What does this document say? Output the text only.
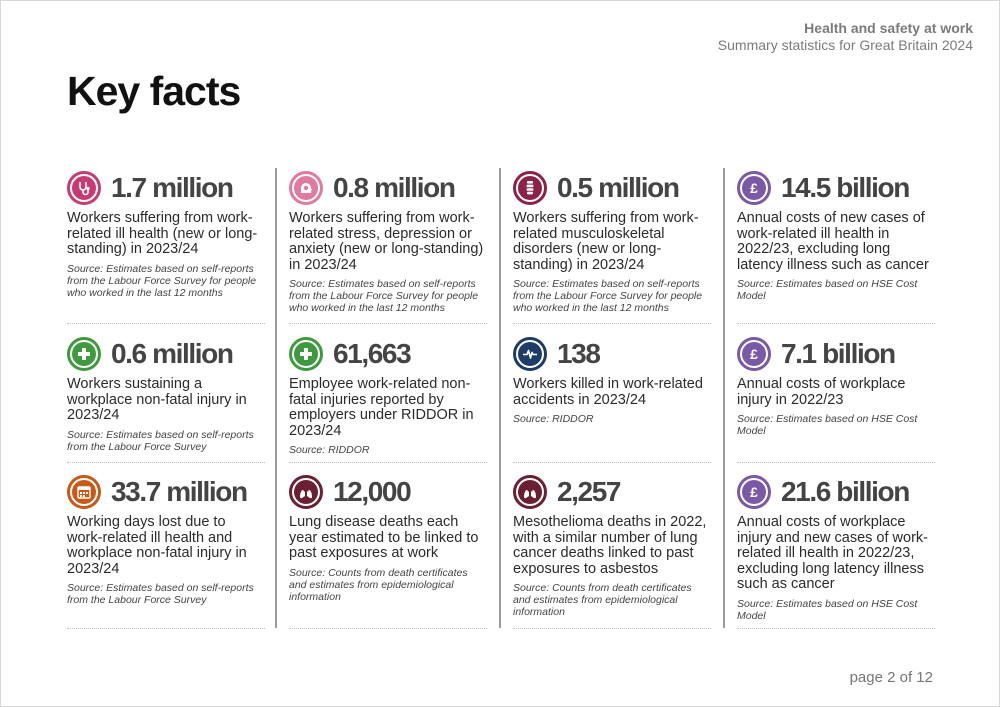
Health and safety at work
Summary statistics for Great Britain 2024
Key facts
1.7 million
Workers suffering from work-related ill health (new or long-standing) in 2023/24
Source: Estimates based on self-reports from the Labour Force Survey for people who worked in the last 12 months
0.8 million
Workers suffering from work-related stress, depression or anxiety (new or long-standing) in 2023/24
Source: Estimates based on self-reports from the Labour Force Survey for people who worked in the last 12 months
0.5 million
Workers suffering from work-related musculoskeletal disorders (new or long-standing) in 2023/24
Source: Estimates based on self-reports from the Labour Force Survey for people who worked in the last 12 months
£ 14.5 billion
Annual costs of new cases of work-related ill health in 2022/23, excluding long latency illness such as cancer
Source: Estimates based on HSE Cost Model
0.6 million
Workers sustaining a workplace non-fatal injury in 2023/24
Source: Estimates based on self-reports from the Labour Force Survey
61,663
Employee work-related non-fatal injuries reported by employers under RIDDOR in 2023/24
Source: RIDDOR
138
Workers killed in work-related accidents in 2023/24
Source: RIDDOR
£ 7.1 billion
Annual costs of workplace injury in 2022/23
Source: Estimates based on HSE Cost Model
33.7 million
Working days lost due to work-related ill health and workplace non-fatal injury in 2023/24
Source: Estimates based on self-reports from the Labour Force Survey
12,000
Lung disease deaths each year estimated to be linked to past exposures at work
Source: Counts from death certificates and estimates from epidemiological information
2,257
Mesothelioma deaths in 2022, with a similar number of lung cancer deaths linked to past exposures to asbestos
Source: Counts from death certificates and estimates from epidemiological information
£ 21.6 billion
Annual costs of workplace injury and new cases of work-related ill health in 2022/23, excluding long latency illness such as cancer
Source: Estimates based on HSE Cost Model
page 2 of 12
